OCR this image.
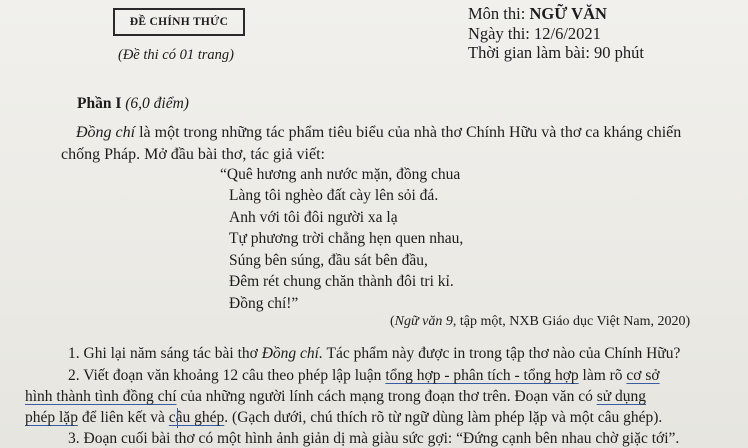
ĐỀ CHÍNH THỨC
(Đề thi có 01 trang)
Môn thi: NGỮ VĂN
Ngày thi: 12/6/2021
Thời gian làm bài: 90 phút
Phần I (6,0 điểm)
Đồng chí là một trong những tác phẩm tiêu biểu của nhà thơ Chính Hữu và thơ ca kháng chiến
chống Pháp. Mở đầu bài thơ, tác giả viết:
“Quê hương anh nước mặn, đồng chua
Làng tôi nghèo đất cày lên sỏi đá.
Anh với tôi đôi người xa lạ
Tự phương trời chẳng hẹn quen nhau,
Súng bên súng, đầu sát bên đầu,
Đêm rét chung chăn thành đôi tri kỉ.
Đồng chí!”
(Ngữ văn 9, tập một, NXB Giáo dục Việt Nam, 2020)
1. Ghi lại năm sáng tác bài thơ Đồng chí. Tác phẩm này được in trong tập thơ nào của Chính Hữu?
2. Viết đoạn văn khoảng 12 câu theo phép lập luận tổng hợp - phân tích - tổng hợp làm rõ cơ sở
hình thành tình đồng chí của những người lính cách mạng trong đoạn thơ trên. Đoạn văn có sử dụng
phép lặp để liên kết và câu ghép. (Gạch dưới, chú thích rõ từ ngữ dùng làm phép lặp và một câu ghép).
3. Đoạn cuối bài thơ có một hình ảnh giản dị mà giàu sức gợi: “Đứng cạnh bên nhau chờ giặc tới”.
